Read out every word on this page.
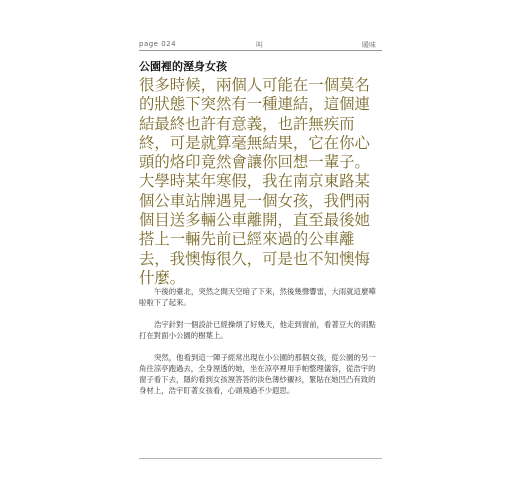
page 024	叫	暖味
公園裡的溼身女孩
很多時候，兩個人可能在一個莫名的狀態下突然有一種連結，這個連結最終也許有意義，也許無疾而終，可是就算毫無結果，它在你心頭的烙印竟然會讓你回想一輩子。大學時某年寒假，我在南京東路某個公車站牌遇見一個女孩，我們兩個目送多輛公車離開，直至最後她搭上一輛先前已經來過的公車離去，我懊悔很久，可是也不知懊悔什麼。

午後的臺北，突然之間天空暗了下來，然後幾聲響雷，大雨就這麼嘩啦啦下了起來。

浩宇針對一個設計已經操煩了好幾天，他走到窗前，看著豆大的雨點打在對面小公園的樹葉上。

突然，他看到這一陣子經常出現在小公園的那個女孩，從公園的另一角往涼亭跑過去，全身溼透的她，坐在涼亭裡用手帕整理儀容，從浩宇的窗子看下去，隱約看到女孩溼答答的淡色薄紗襯衫，緊貼在她凹凸有致的身材上，浩宇盯著女孩看，心頭飛過不少遐思。
